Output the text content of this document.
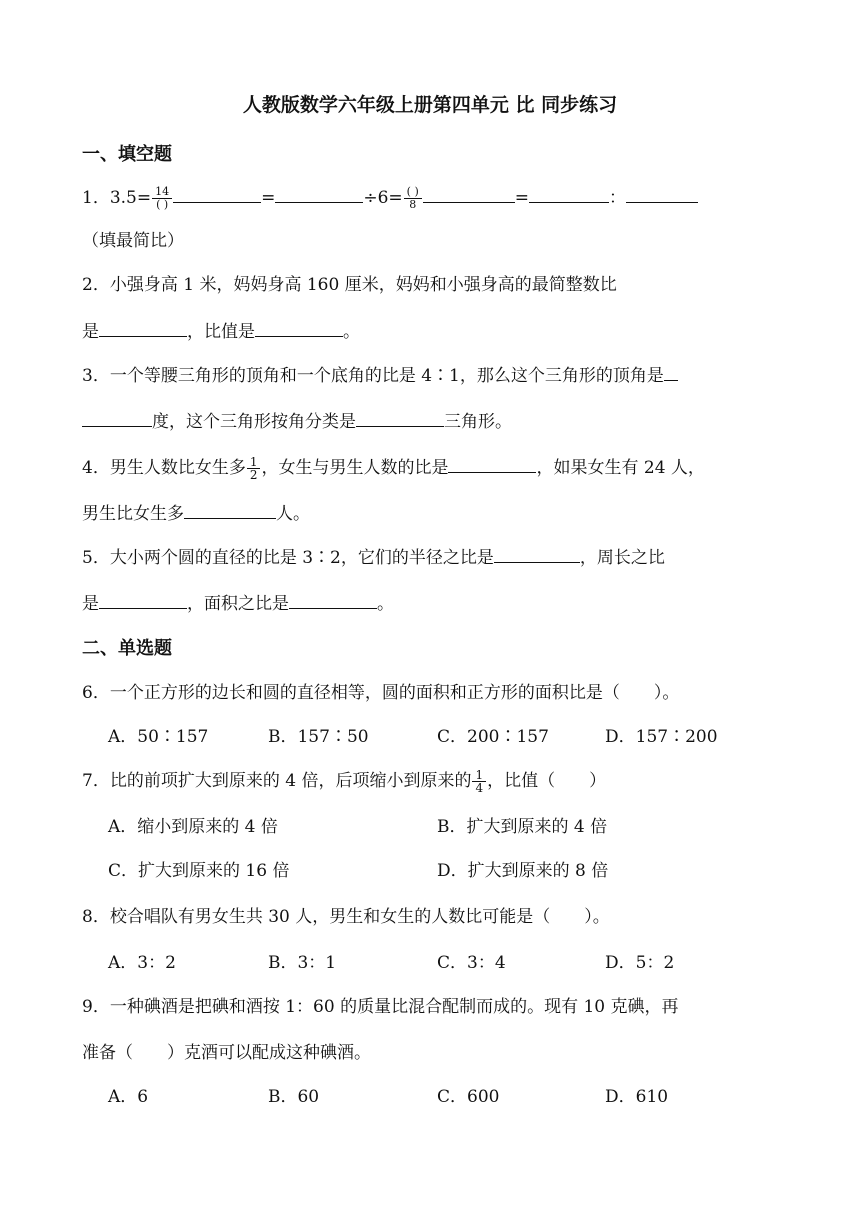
人教版数学六年级上册第四单元 比 同步练习
一、填空题
1．$3.5= \frac{14}{( )}$	=	$\div 6= \frac{( )}{8}$	=	：
（填最简比）
2．小强身高 1 米，妈妈身高 160 厘米，妈妈和小强身高的最简整数比
是	，比值是	。
3．一个等腰三角形的顶角和一个底角的比是 4∶1，那么这个三角形的顶角是
度，这个三角形按角分类是	三角形。
4．男生人数比女生多 $\frac{1}{2}$ ，女生与男生人数的比是	，如果女生有 24 人，
男生比女生多	人。
5．大小两个圆的直径的比是 3∶2，它们的半径之比是	，周长之比
是	，面积之比是	。
二、单选题
6．一个正方形的边长和圆的直径相等，圆的面积和正方形的面积比是（　　）。
A．50∶157	B．157∶50	C．200∶157	D．157∶200
7．比的前项扩大到原来的 4 倍，后项缩小到原来的 $\frac{1}{4}$ ，比值（　　）
A．缩小到原来的 4 倍	B．扩大到原来的 4 倍
C．扩大到原来的 16 倍	D．扩大到原来的 8 倍
8．校合唱队有男女生共 30 人，男生和女生的人数比可能是（　　）。
A．3：2	B．3：1	C．3：4	D．5：2
9．一种碘酒是把碘和酒按 1：60 的质量比混合配制而成的。现有 10 克碘，再
准备（　　）克酒可以配成这种碘酒。
A．6	B．60	C．600	D．610
